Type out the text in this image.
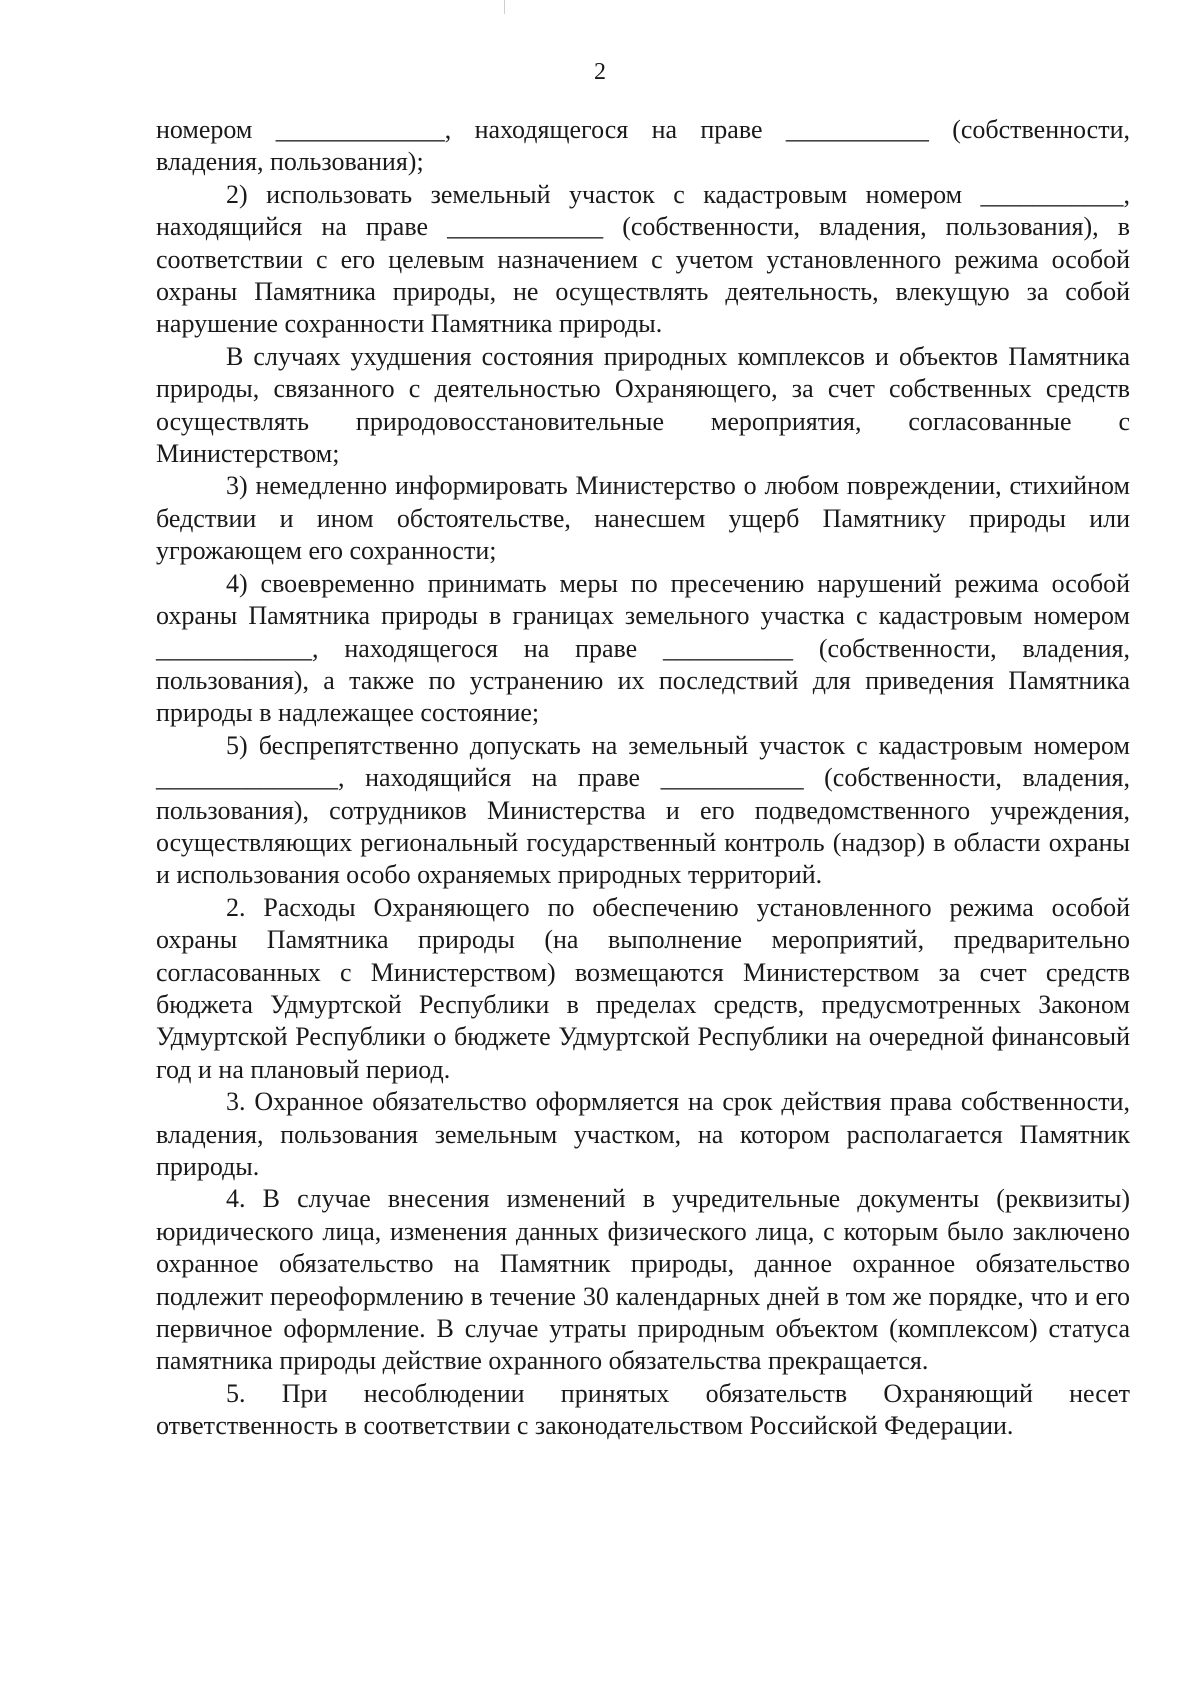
2

номером _____________, находящегося на праве ___________ (собственности, владения, пользования);

2) использовать земельный участок с кадастровым номером ___________, находящийся на праве ____________ (собственности, владения, пользования), в соответствии с его целевым назначением с учетом установленного режима особой охраны Памятника природы, не осуществлять деятельность, влекущую за собой нарушение сохранности Памятника природы.

В случаях ухудшения состояния природных комплексов и объектов Памятника природы, связанного с деятельностью Охраняющего, за счет собственных средств осуществлять природовосстановительные мероприятия, согласованные с Министерством;

3) немедленно информировать Министерство о любом повреждении, стихийном бедствии и ином обстоятельстве, нанесшем ущерб Памятнику природы или угрожающем его сохранности;

4) своевременно принимать меры по пресечению нарушений режима особой охраны Памятника природы в границах земельного участка с кадастровым номером ____________, находящегося на праве __________ (собственности, владения, пользования), а также по устранению их последствий для приведения Памятника природы в надлежащее состояние;

5) беспрепятственно допускать на земельный участок с кадастровым номером ______________, находящийся на праве ___________ (собственности, владения, пользования), сотрудников Министерства и его подведомственного учреждения, осуществляющих региональный государственный контроль (надзор) в области охраны и использования особо охраняемых природных территорий.

2. Расходы Охраняющего по обеспечению установленного режима особой охраны Памятника природы (на выполнение мероприятий, предварительно согласованных с Министерством) возмещаются Министерством за счет средств бюджета Удмуртской Республики в пределах средств, предусмотренных Законом Удмуртской Республики о бюджете Удмуртской Республики на очередной финансовый год и на плановый период.

3. Охранное обязательство оформляется на срок действия права собственности, владения, пользования земельным участком, на котором располагается Памятник природы.

4. В случае внесения изменений в учредительные документы (реквизиты) юридического лица, изменения данных физического лица, с которым было заключено охранное обязательство на Памятник природы, данное охранное обязательство подлежит переоформлению в течение 30 календарных дней в том же порядке, что и его первичное оформление. В случае утраты природным объектом (комплексом) статуса памятника природы действие охранного обязательства прекращается.

5. При несоблюдении принятых обязательств Охраняющий несет ответственность в соответствии с законодательством Российской Федерации.
